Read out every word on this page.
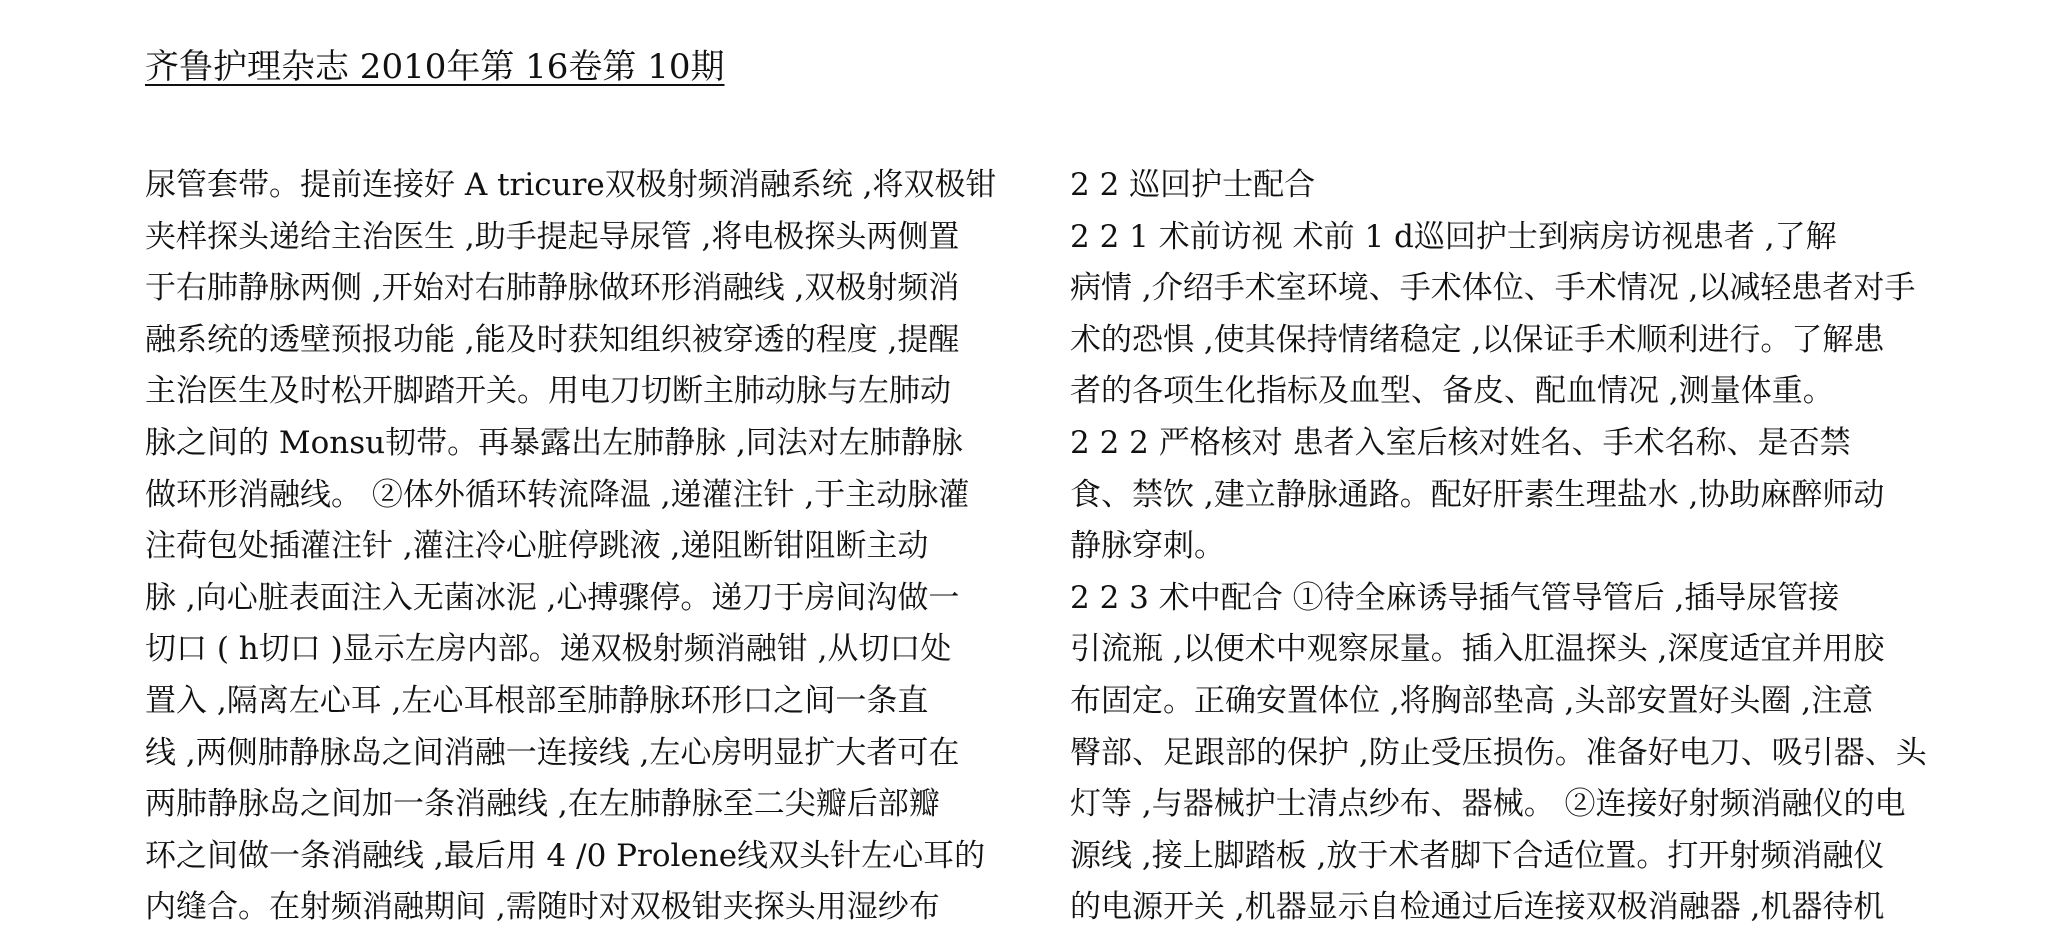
齐鲁护理杂志 2010年第 16卷第 10期
尿管套带。提前连接好 A tricure双极射频消融系统 ,将双极钳
夹样探头递给主治医生 ,助手提起导尿管 ,将电极探头两侧置
于右肺静脉两侧 ,开始对右肺静脉做环形消融线 ,双极射频消
融系统的透壁预报功能 ,能及时获知组织被穿透的程度 ,提醒
主治医生及时松开脚踏开关。用电刀切断主肺动脉与左肺动
脉之间的 Monsu韧带。再暴露出左肺静脉 ,同法对左肺静脉
做环形消融线。 ②体外循环转流降温 ,递灌注针 ,于主动脉灌
注荷包处插灌注针 ,灌注冷心脏停跳液 ,递阻断钳阻断主动
脉 ,向心脏表面注入无菌冰泥 ,心搏骤停。递刀于房间沟做一
切口 ( h切口 )显示左房内部。递双极射频消融钳 ,从切口处
置入 ,隔离左心耳 ,左心耳根部至肺静脉环形口之间一条直
线 ,两侧肺静脉岛之间消融一连接线 ,左心房明显扩大者可在
两肺静脉岛之间加一条消融线 ,在左肺静脉至二尖瓣后部瓣
环之间做一条消融线 ,最后用 4 /0 Prolene线双头针左心耳的
内缝合。在射频消融期间 ,需随时对双极钳夹探头用湿纱布
2 2 巡回护士配合
2 2 1 术前访视 术前 1 d巡回护士到病房访视患者 ,了解
病情 ,介绍手术室环境、手术体位、手术情况 ,以减轻患者对手
术的恐惧 ,使其保持情绪稳定 ,以保证手术顺利进行。了解患
者的各项生化指标及血型、备皮、配血情况 ,测量体重。
2 2 2 严格核对 患者入室后核对姓名、手术名称、是否禁
食、禁饮 ,建立静脉通路。配好肝素生理盐水 ,协助麻醉师动
静脉穿刺。
2 2 3 术中配合 ①待全麻诱导插气管导管后 ,插导尿管接
引流瓶 ,以便术中观察尿量。插入肛温探头 ,深度适宜并用胶
布固定。正确安置体位 ,将胸部垫高 ,头部安置好头圈 ,注意
臀部、足跟部的保护 ,防止受压损伤。准备好电刀、吸引器、头
灯等 ,与器械护士清点纱布、器械。 ②连接好射频消融仪的电
源线 ,接上脚踏板 ,放于术者脚下合适位置。打开射频消融仪
的电源开关 ,机器显示自检通过后连接双极消融器 ,机器待机
